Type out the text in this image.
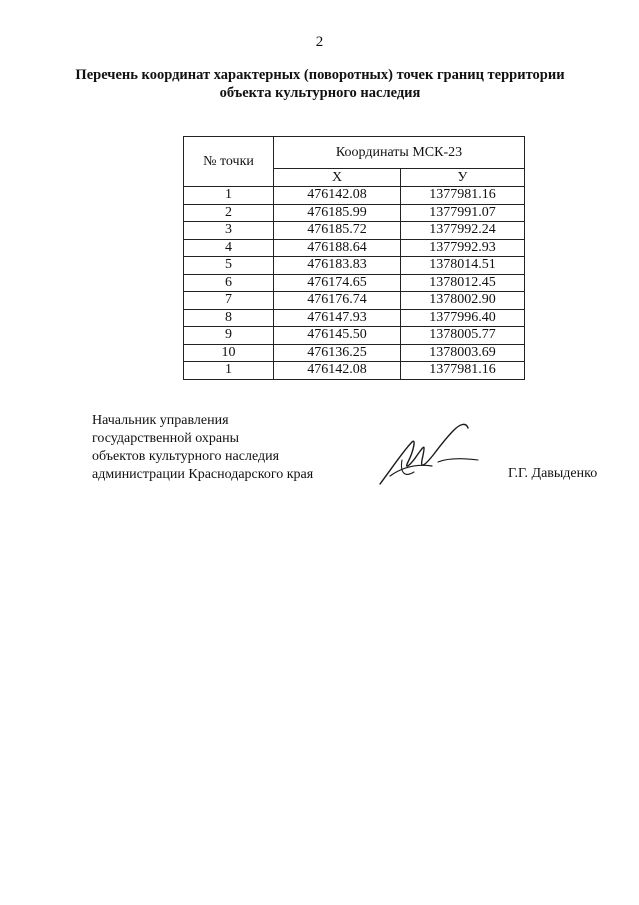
2
Перечень координат характерных (поворотных) точек границ территории
объекта культурного наследия
№ точки	Координаты МСК-23	
	X	У
1	476142.08	1377981.16
2	476185.99	1377991.07
3	476185.72	1377992.24
4	476188.64	1377992.93
5	476183.83	1378014.51
6	476174.65	1378012.45
7	476176.74	1378002.90
8	476147.93	1377996.40
9	476145.50	1378005.77
10	476136.25	1378003.69
1	476142.08	1377981.16
Начальник управления
государственной охраны
объектов культурного наследия
администрации Краснодарского края	Г.Г. Давыденко
